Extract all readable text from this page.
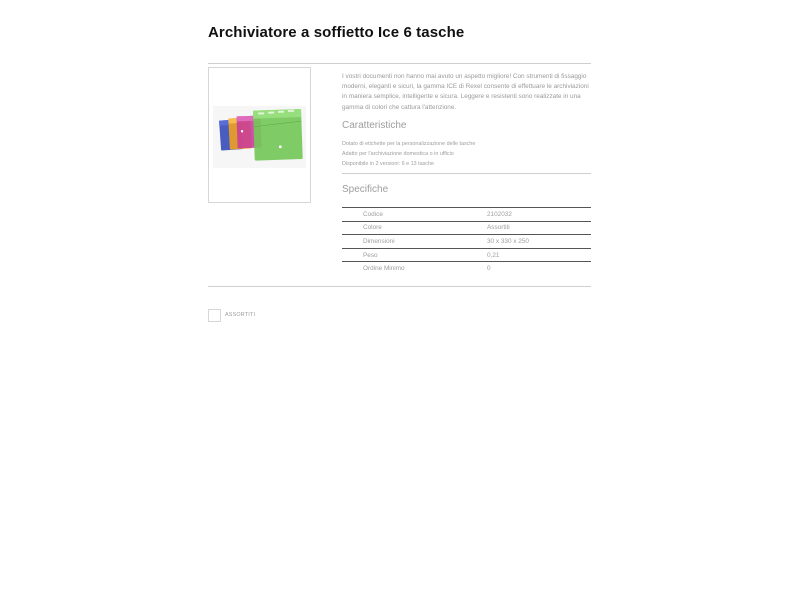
Archiviatore a soffietto Ice 6 tasche

I vostri documenti non hanno mai avuto un aspetto migliore! Con strumenti di fissaggio moderni, eleganti e sicuri, la gamma ICE di Rexel consente di effettuare le archiviazioni in maniera semplice, intelligente e sicura. Leggere e resistenti sono realizzate in una gamma di colori che cattura l'attenzione.

Caratteristiche
Dotato di etichette per la personalizzazione delle tasche
Adatto per l'archiviazione domestica o in ufficio
Disponibile in 2 versioni: 6 e 13 tasche
Specifiche
Codice	2102032
Colore	Assortiti
Dimensioni	30 x 330 x 250
Peso	0,21
Ordine Minimo	0
ASSORTITI
